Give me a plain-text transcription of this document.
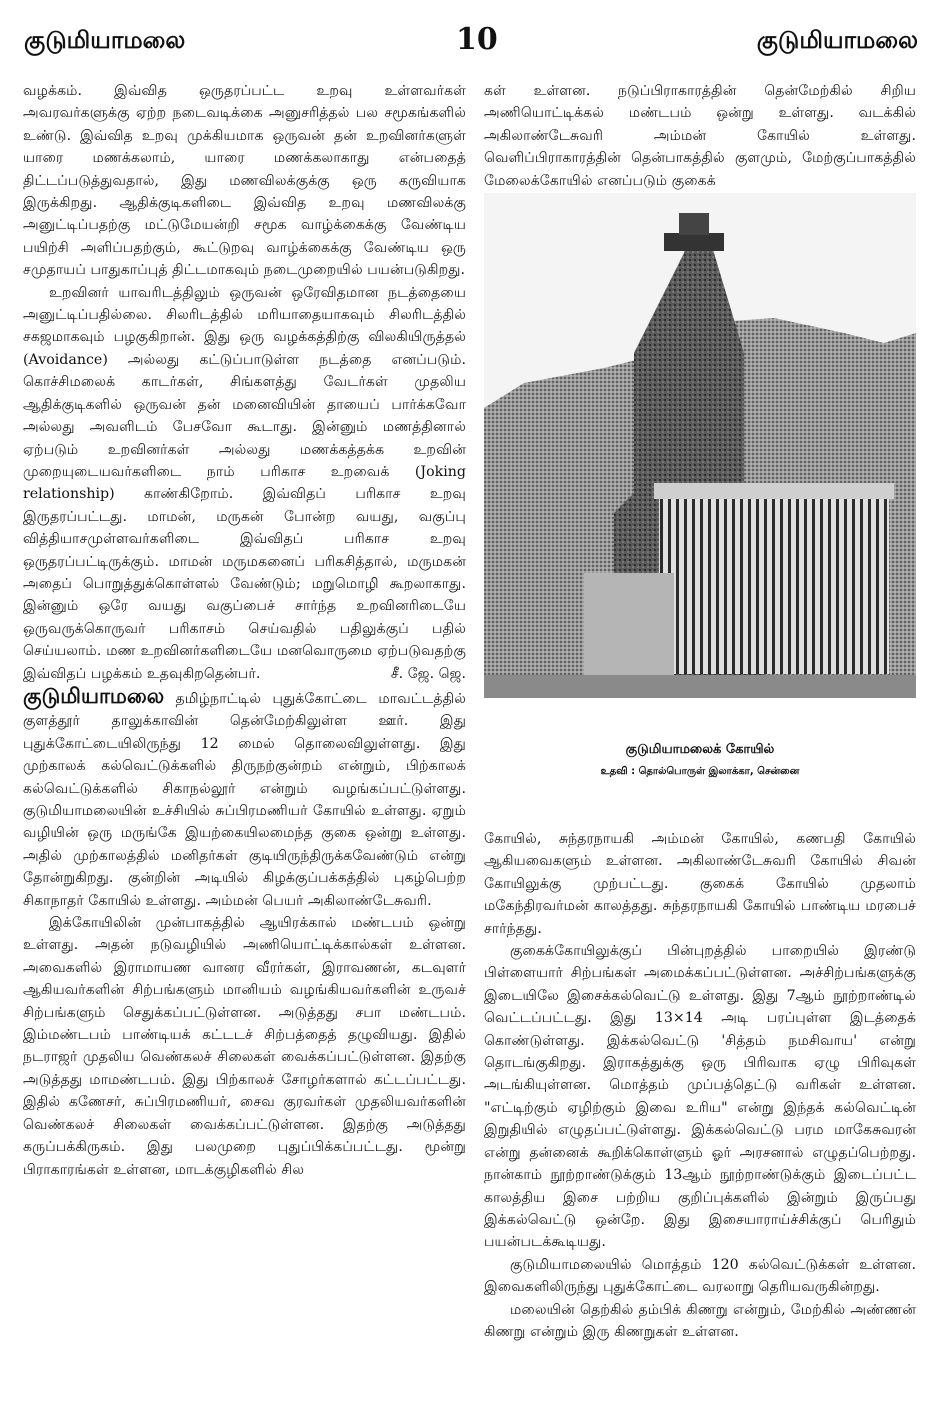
குடுமியாமலை	10	குடுமியாமலை

வழக்கம். இவ்வித ஒருதரப்பட்ட உறவு உள்ளவர்கள் அவரவர்களுக்கு ஏற்ற நடைவடிக்கை அனுசரித்தல் பல சமூகங்களில் உண்டு. இவ்வித உறவு முக்கியமாக ஒருவன் தன் உறவினர்களுள் யாரை மணக்கலாம், யாரை மணக்கலாகாது என்பதைத் திட்டப்படுத்துவதால், இது மணவிலக்குக்கு ஒரு கருவியாக இருக்கிறது. ஆதிக்குடிகளிடை இவ்வித உறவு மணவிலக்கு அனுட்டிப்பதற்கு மட்டுமேயன்றி சமூக வாழ்க்கைக்கு வேண்டிய பயிற்சி அளிப்பதற்கும், கூட்டுறவு வாழ்க்கைக்கு வேண்டிய ஒரு சமுதாயப் பாதுகாப்புத் திட்டமாகவும் நடைமுறையில் பயன்படுகிறது.

உறவினர் யாவரிடத்திலும் ஒருவன் ஒரேவிதமான நடத்தையை அனுட்டிப்பதில்லை. சிலரிடத்தில் மரியாதையாகவும் சிலரிடத்தில் சகஜமாகவும் பழகுகிறான். இது ஒரு வழக்கத்திற்கு விலகியிருத்தல் (Avoidance) அல்லது கட்டுப்பாடுள்ள நடத்தை எனப்படும். கொச்சிமலைக் காடர்கள், சிங்களத்து வேடர்கள் முதலிய ஆதிக்குடிகளில் ஒருவன் தன் மனைவியின் தாயைப் பார்க்கவோ அல்லது அவளிடம் பேசவோ கூடாது. இன்னும் மணத்தினால் ஏற்படும் உறவினர்கள் அல்லது மணக்கத்தக்க உறவின் முறையுடையவர்களிடை நாம் பரிகாச உறவைக் (Joking relationship) காண்கிறோம். இவ்விதப் பரிகாச உறவு இருதரப்பட்டது. மாமன், மருகன் போன்ற வயது, வகுப்பு வித்தியாசமுள்ளவர்களிடை இவ்விதப் பரிகாச உறவு ஒருதரப்பட்டிருக்கும். மாமன் மருமகனைப் பரிகசித்தால், மருமகன் அதைப் பொறுத்துக்கொள்ளல் வேண்டும்; மறுமொழி கூறலாகாது. இன்னும் ஒரே வயது வகுப்பைச் சார்ந்த உறவினரிடையே ஒருவருக்கொருவர் பரிகாசம் செய்வதில் பதிலுக்குப் பதில் செய்யலாம். மண உறவினர்களிடையே மனவொருமை ஏற்படுவதற்கு இவ்விதப் பழக்கம் உதவுகிறதென்பர்.	சீ. ஜே. ஜெ.

குடுமியாமலை தமிழ்நாட்டில் புதுக்கோட்டை மாவட்டத்தில் குளத்தூர் தாலுக்காவின் தென்மேற்கிலுள்ள ஊர். இது புதுக்கோட்டையிலிருந்து 12 மைல் தொலைவிலுள்ளது. இது முற்காலக் கல்வெட்டுக்களில் திருநற்குன்றம் என்றும், பிற்காலக் கல்வெட்டுக்களில் சிகாநல்லூர் என்றும் வழங்கப்பட்டுள்ளது. குடுமியாமலையின் உச்சியில் சுப்பிரமணியர் கோயில் உள்ளது. ஏறும் வழியின் ஒரு மருங்கே இயற்கையிலமைந்த குகை ஒன்று உள்ளது. அதில் முற்காலத்தில் மனிதர்கள் குடியிருந்திருக்கவேண்டும் என்று தோன்றுகிறது. குன்றின் அடியில் கிழக்குப்பக்கத்தில் புகழ்பெற்ற சிகாநாதர் கோயில் உள்ளது. அம்மன் பெயர் அகிலாண்டேசுவரி.

இக்கோயிலின் முன்பாகத்தில் ஆயிரக்கால் மண்டபம் ஒன்று உள்ளது. அதன் நடுவழியில் அணியொட்டிக்கால்கள் உள்ளன. அவைகளில் இராமாயண வானர வீரர்கள், இராவணன், கடவுளர் ஆகியவர்களின் சிற்பங்களும் மானியம் வழங்கியவர்களின் உருவச் சிற்பங்களும் செதுக்கப்பட்டுள்ளன. அடுத்தது சபா மண்டபம். இம்மண்டபம் பாண்டியக் கட்டடச் சிற்பத்தைத் தழுவியது. இதில் நடராஜர் முதலிய வெண்கலச் சிலைகள் வைக்கப்பட்டுள்ளன. இதற்கு அடுத்தது மாமண்டபம். இது பிற்காலச் சோழர்களால் கட்டப்பட்டது. இதில் கணேசர், சுப்பிரமணியர், சைவ குரவர்கள் முதலியவர்களின் வெண்கலச் சிலைகள் வைக்கப்பட்டுள்ளன. இதற்கு அடுத்தது கருப்பக்கிருகம். இது பலமுறை புதுப்பிக்கப்பட்டது. மூன்று பிராகாரங்கள் உள்ளன, மாடக்குழிகளில் சில

கள் உள்ளன. நடுப்பிராகாரத்தின் தென்மேற்கில் சிறிய அணியொட்டிக்கல் மண்டபம் ஒன்று உள்ளது. வடக்கில் அகிலாண்டேசுவரி அம்மன் கோயில் உள்ளது. வெளிப்பிராகாரத்தின் தென்பாகத்தில் குளமும், மேற்குப்பாகத்தில் மேலைக்கோயில் எனப்படும் குகைக்

குடுமியாமலைக் கோயில்
உதவி : தொல்பொருள் இலாக்கா, சென்னை

கோயில், சுந்தரநாயகி அம்மன் கோயில், கணபதி கோயில் ஆகியவைகளும் உள்ளன. அகிலாண்டேசுவரி கோயில் சிவன் கோயிலுக்கு முற்பட்டது. குகைக் கோயில் முதலாம் மகேந்திரவர்மன் காலத்தது. சுந்தரநாயகி கோயில் பாண்டிய மரபைச் சார்ந்தது.

குகைக்கோயிலுக்குப் பின்புறத்தில் பாறையில் இரண்டு பிள்ளையார் சிற்பங்கள் அமைக்கப்பட்டுள்ளன. அச்சிற்பங்களுக்கு இடையிலே இசைக்கல்வெட்டு உள்ளது. இது 7ஆம் நூற்றாண்டில் வெட்டப்பட்டது. இது 13×14 அடி பரப்புள்ள இடத்தைக் கொண்டுள்ளது. இக்கல்வெட்டு 'சித்தம் நமசிவாய' என்று தொடங்குகிறது. இராகத்துக்கு ஒரு பிரிவாக ஏழு பிரிவுகள் அடங்கியுள்ளன. மொத்தம் முப்பத்தெட்டு வரிகள் உள்ளன. "எட்டிற்கும் ஏழிற்கும் இவை உரிய" என்று இந்தக் கல்வெட்டின் இறுதியில் எழுதப்பட்டுள்ளது. இக்கல்வெட்டு பரம மாகேசுவரன் என்று தன்னைக் கூறிக்கொள்ளும் ஓர் அரசனால் எழுதப்பெற்றது. நான்காம் நூற்றாண்டுக்கும் 13ஆம் நூற்றாண்டுக்கும் இடைப்பட்ட காலத்திய இசை பற்றிய குறிப்புக்களில் இன்றும் இருப்பது இக்கல்வெட்டு ஒன்றே. இது இசையாராய்ச்சிக்குப் பெரிதும் பயன்படக்கூடியது.

குடுமியாமலையில் மொத்தம் 120 கல்வெட்டுக்கள் உள்ளன. இவைகளிலிருந்து புதுக்கோட்டை வரலாறு தெரியவருகின்றது.

மலையின் தெற்கில் தம்பிக் கிணறு என்றும், மேற்கில் அண்ணன் கிணறு என்றும் இரு கிணறுகள் உள்ளன.
